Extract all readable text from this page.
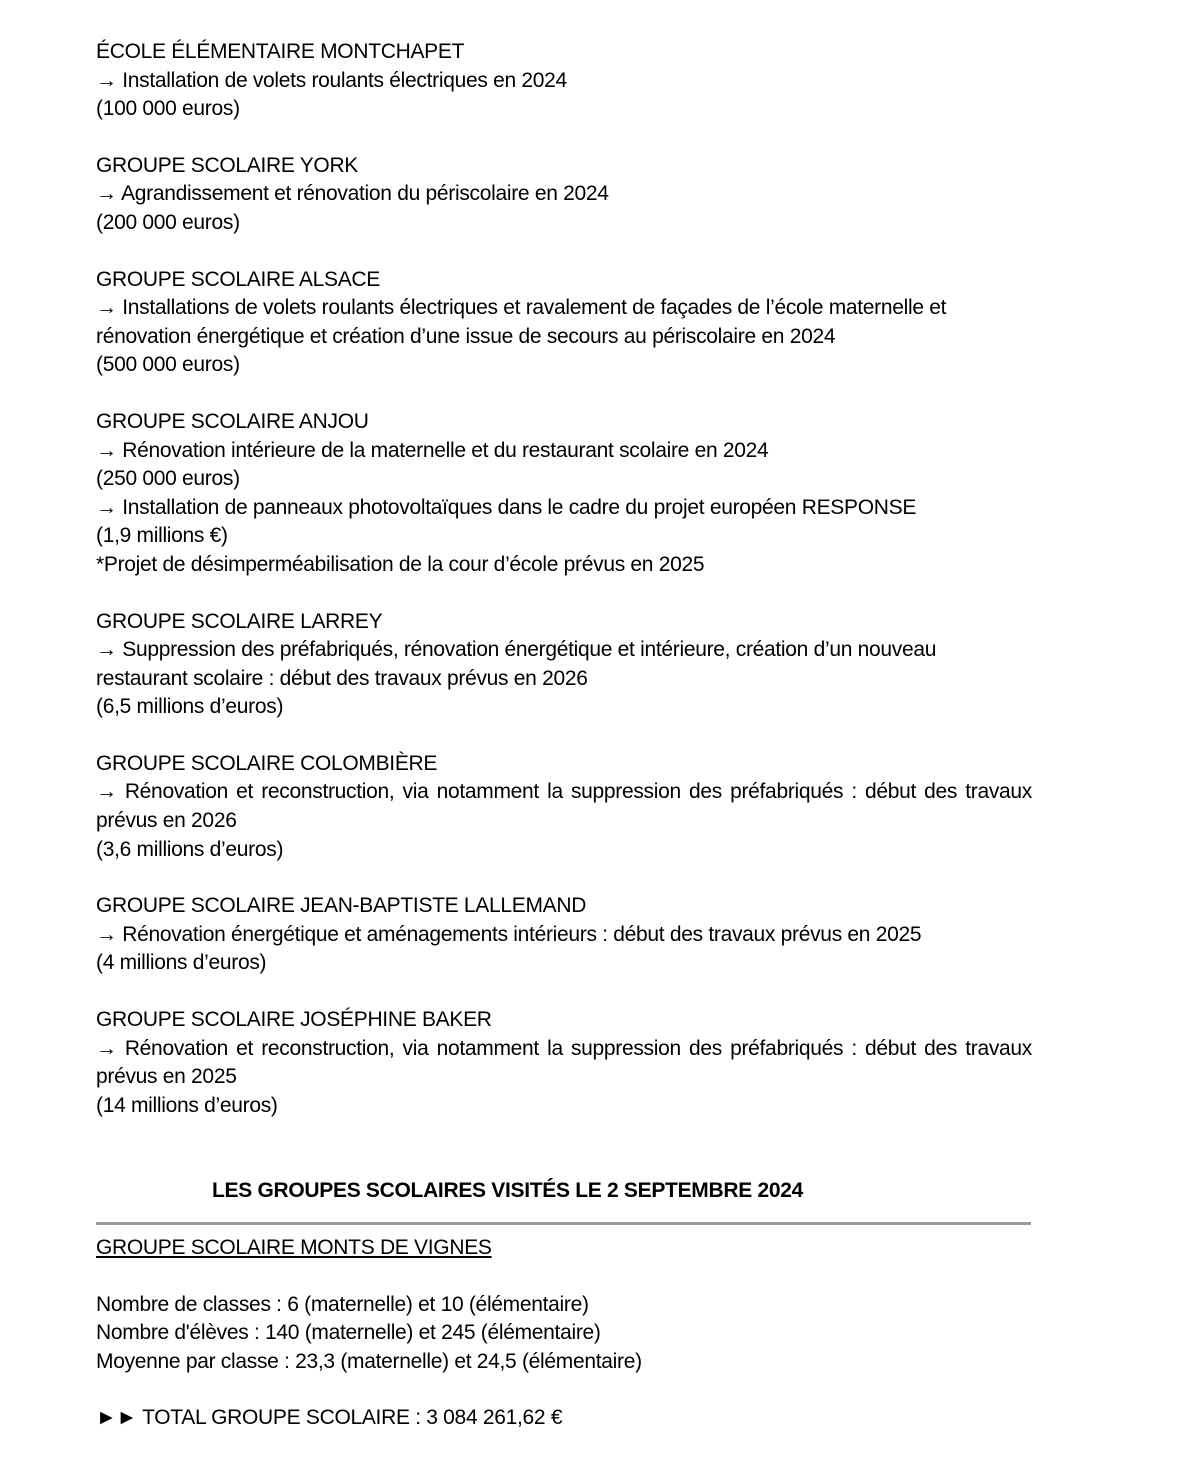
ÉCOLE ÉLÉMENTAIRE MONTCHAPET

→ Installation de volets roulants électriques en 2024

(100 000 euros)

GROUPE SCOLAIRE YORK

→ Agrandissement et rénovation du périscolaire en 2024

(200 000 euros)

GROUPE SCOLAIRE ALSACE

→ Installations de volets roulants électriques et ravalement de façades de l’école maternelle et rénovation énergétique et création d’une issue de secours au périscolaire en 2024

(500 000 euros)

GROUPE SCOLAIRE ANJOU

→ Rénovation intérieure de la maternelle et du restaurant scolaire en 2024

(250 000 euros)

→ Installation de panneaux photovoltaïques dans le cadre du projet européen RESPONSE

(1,9 millions €)

*Projet de désimperméabilisation de la cour d’école prévus en 2025

GROUPE SCOLAIRE LARREY

→ Suppression des préfabriqués, rénovation énergétique et intérieure, création d’un nouveau restaurant scolaire : début des travaux prévus en 2026

(6,5 millions d’euros)

GROUPE SCOLAIRE COLOMBIÈRE

→ Rénovation et reconstruction, via notamment la suppression des préfabriqués : début des travaux prévus en 2026

(3,6 millions d’euros)

GROUPE SCOLAIRE JEAN-BAPTISTE LALLEMAND

→ Rénovation énergétique et aménagements intérieurs : début des travaux prévus en 2025

(4 millions d’euros)

GROUPE SCOLAIRE JOSÉPHINE BAKER

→ Rénovation et reconstruction, via notamment la suppression des préfabriqués : début des travaux prévus en 2025

(14 millions d’euros)

LES GROUPES SCOLAIRES VISITÉS LE 2 SEPTEMBRE 2024

GROUPE SCOLAIRE MONTS DE VIGNES

Nombre de classes : 6 (maternelle) et 10 (élémentaire)

Nombre d'élèves : 140 (maternelle) et 245 (élémentaire)

Moyenne par classe : 23,3 (maternelle) et 24,5 (élémentaire)

►► TOTAL GROUPE SCOLAIRE : 3 084 261,62 €
